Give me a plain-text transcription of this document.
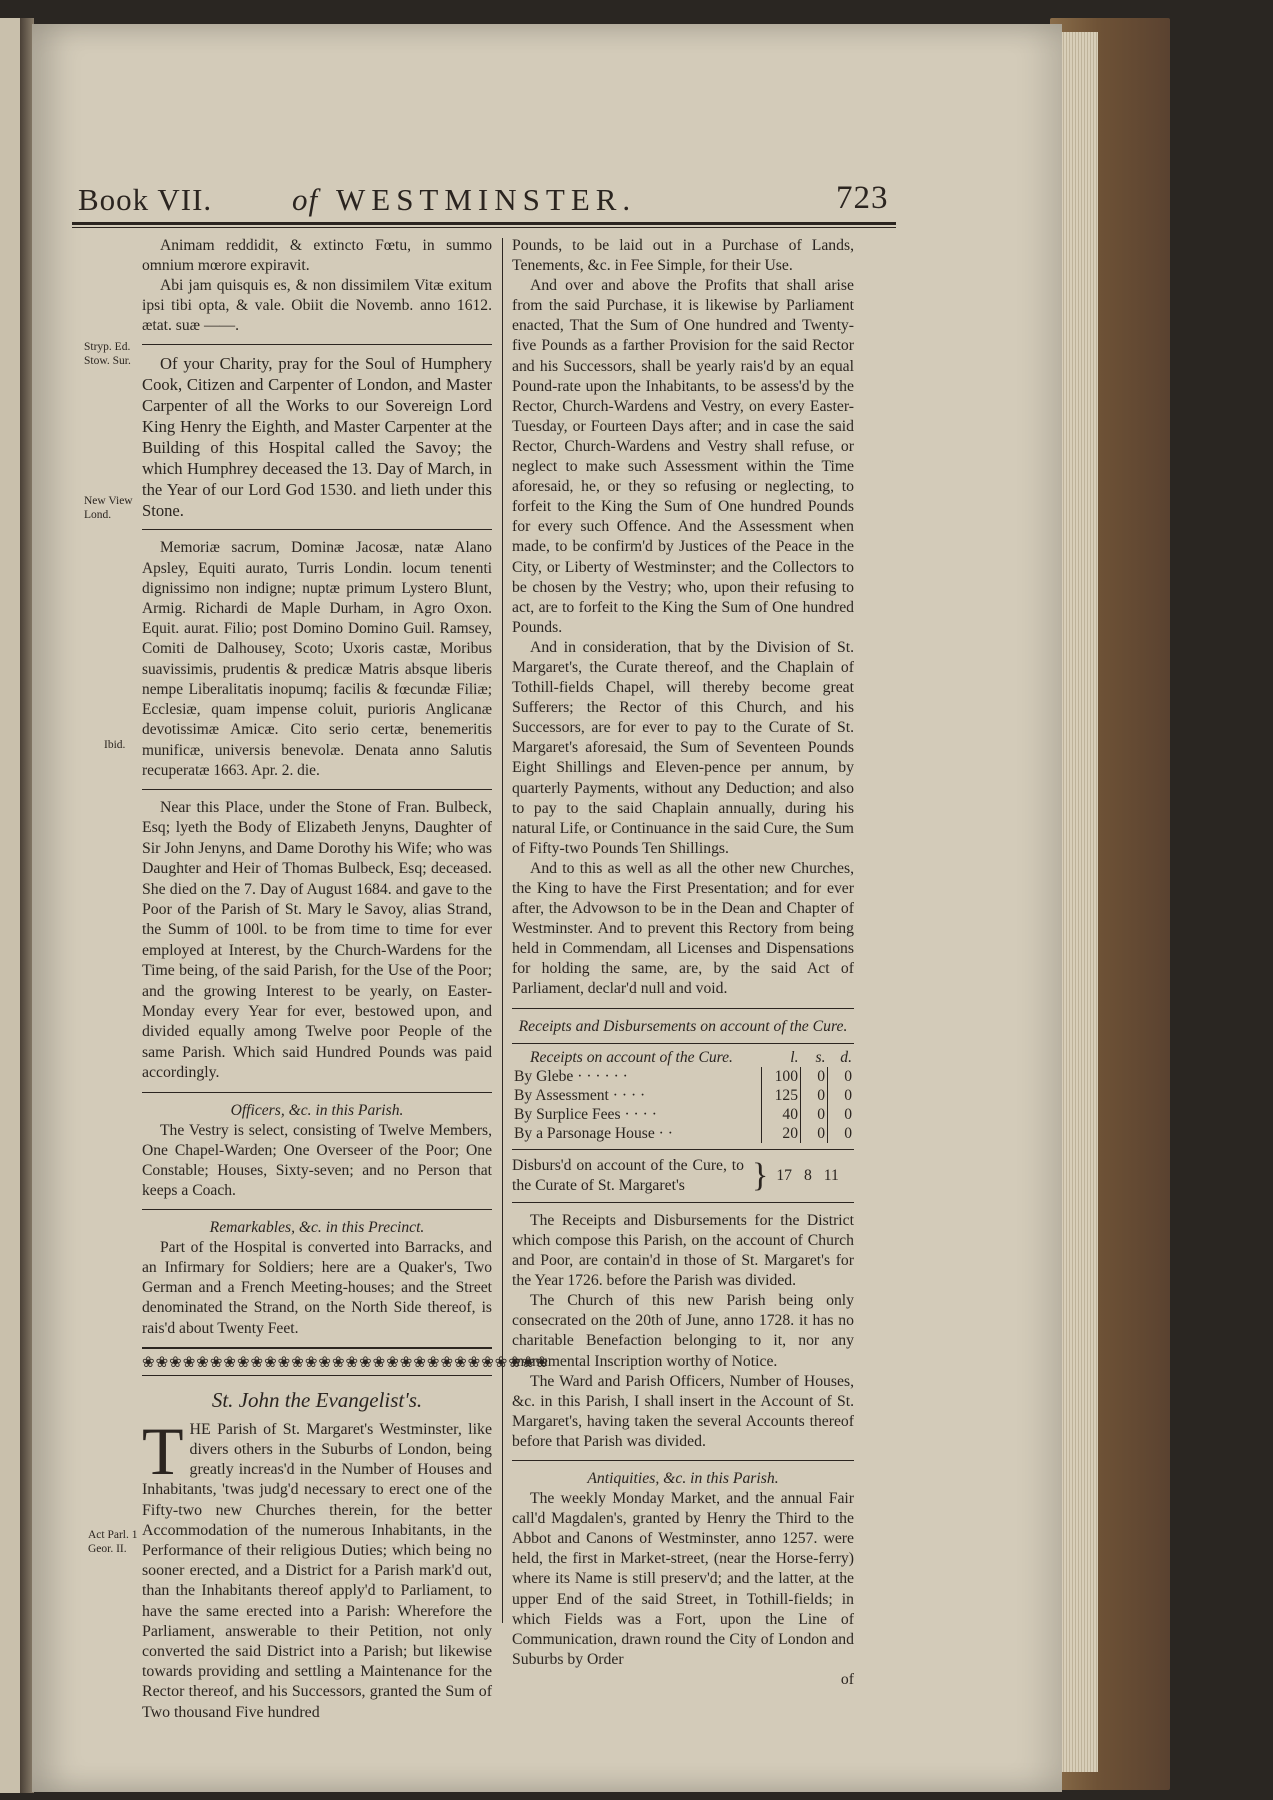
Book VII.	of WESTMINSTER.	723
Stryp. Ed. Stow. Sur.
New View Lond.
Ibid.
Act Parl. 1 Geor. II.

Animam reddidit, & extincto Fœtu, in summo omnium mœrore expiravit.

Abi jam quisquis es, & non dissimilem Vitæ exitum ipsi tibi opta, & vale. Obiit die Novemb. anno 1612. ætat. suæ ——.

Of your Charity, pray for the Soul of Humphery Cook, Citizen and Carpenter of London, and Master Carpenter of all the Works to our Sovereign Lord King Henry the Eighth, and Master Carpenter at the Building of this Hospital called the Savoy; the which Humphrey deceased the 13. Day of March, in the Year of our Lord God 1530. and lieth under this Stone.

Memoriæ sacrum, Dominæ Jacosæ, natæ Alano Apsley, Equiti aurato, Turris Londin. locum tenenti dignissimo non indigne; nuptæ primum Lystero Blunt, Armig. Richardi de Maple Durham, in Agro Oxon. Equit. aurat. Filio; post Domino Domino Guil. Ramsey, Comiti de Dalhousey, Scoto; Uxoris castæ, Moribus suavissimis, prudentis & predicæ Matris absque liberis nempe Liberalitatis inopumq; facilis & fœcundæ Filiæ; Ecclesiæ, quam impense coluit, purioris Anglicanæ devotissimæ Amicæ. Cito serio certæ, benemeritis munificæ, universis benevolæ. Denata anno Salutis recuperatæ 1663. Apr. 2. die.

Near this Place, under the Stone of Fran. Bulbeck, Esq; lyeth the Body of Elizabeth Jenyns, Daughter of Sir John Jenyns, and Dame Dorothy his Wife; who was Daughter and Heir of Thomas Bulbeck, Esq; deceased. She died on the 7. Day of August 1684. and gave to the Poor of the Parish of St. Mary le Savoy, alias Strand, the Summ of 100l. to be from time to time for ever employed at Interest, by the Church-Wardens for the Time being, of the said Parish, for the Use of the Poor; and the growing Interest to be yearly, on Easter-Monday every Year for ever, bestowed upon, and divided equally among Twelve poor People of the same Parish. Which said Hundred Pounds was paid accordingly.

Officers, &c. in this Parish.

The Vestry is select, consisting of Twelve Members, One Chapel-Warden; One Overseer of the Poor; One Constable; Houses, Sixty-seven; and no Person that keeps a Coach.

Remarkables, &c. in this Precinct.

Part of the Hospital is converted into Barracks, and an Infirmary for Soldiers; here are a Quaker's, Two German and a French Meeting-houses; and the Street denominated the Strand, on the North Side thereof, is rais'd about Twenty Feet.

❀❀❀❀❀❀❀❀❀❀❀❀❀❀❀❀❀❀❀❀❀❀❀❀❀❀❀❀❀❀

St. John the Evangelist's.

THE Parish of St. Margaret's Westminster, like divers others in the Suburbs of London, being greatly increas'd in the Number of Houses and Inhabitants, 'twas judg'd necessary to erect one of the Fifty-two new Churches therein, for the better Accommodation of the numerous Inhabitants, in the Performance of their religious Duties; which being no sooner erected, and a District for a Parish mark'd out, than the Inhabitants thereof apply'd to Parliament, to have the same erected into a Parish: Wherefore the Parliament, answerable to their Petition, not only converted the said District into a Parish; but likewise towards providing and settling a Maintenance for the Rector thereof, and his Successors, granted the Sum of Two thousand Five hundred

Pounds, to be laid out in a Purchase of Lands, Tenements, &c. in Fee Simple, for their Use.

And over and above the Profits that shall arise from the said Purchase, it is likewise by Parliament enacted, That the Sum of One hundred and Twenty-five Pounds as a farther Provision for the said Rector and his Successors, shall be yearly rais'd by an equal Pound-rate upon the Inhabitants, to be assess'd by the Rector, Church-Wardens and Vestry, on every Easter-Tuesday, or Fourteen Days after; and in case the said Rector, Church-Wardens and Vestry shall refuse, or neglect to make such Assessment within the Time aforesaid, he, or they so refusing or neglecting, to forfeit to the King the Sum of One hundred Pounds for every such Offence. And the Assessment when made, to be confirm'd by Justices of the Peace in the City, or Liberty of Westminster; and the Collectors to be chosen by the Vestry; who, upon their refusing to act, are to forfeit to the King the Sum of One hundred Pounds.

And in consideration, that by the Division of St. Margaret's, the Curate thereof, and the Chaplain of Tothill-fields Chapel, will thereby become great Sufferers; the Rector of this Church, and his Successors, are for ever to pay to the Curate of St. Margaret's aforesaid, the Sum of Seventeen Pounds Eight Shillings and Eleven-pence per annum, by quarterly Payments, without any Deduction; and also to pay to the said Chaplain annually, during his natural Life, or Continuance in the said Cure, the Sum of Fifty-two Pounds Ten Shillings.

And to this as well as all the other new Churches, the King to have the First Presentation; and for ever after, the Advowson to be in the Dean and Chapter of Westminster. And to prevent this Rectory from being held in Commendam, all Licenses and Dispensations for holding the same, are, by the said Act of Parliament, declar'd null and void.

Receipts and Disbursements on account of the Cure.

Receipts on account of the Cure.	l.	s.	d.
By Glebe · · · · · ·	100	0	0
By Assessment · · · ·	125	0	0
By Surplice Fees · · · ·	40	0	0
By a Parsonage House · ·	20	0	0
Disburs'd on account of the Cure, to the Curate of St. Margaret's	} 17 8 11

The Receipts and Disbursements for the District which compose this Parish, on the account of Church and Poor, are contain'd in those of St. Margaret's for the Year 1726. before the Parish was divided.

The Church of this new Parish being only consecrated on the 20th of June, anno 1728. it has no charitable Benefaction belonging to it, nor any monumental Inscription worthy of Notice.

The Ward and Parish Officers, Number of Houses, &c. in this Parish, I shall insert in the Account of St. Margaret's, having taken the several Accounts thereof before that Parish was divided.

Antiquities, &c. in this Parish.

The weekly Monday Market, and the annual Fair call'd Magdalen's, granted by Henry the Third to the Abbot and Canons of Westminster, anno 1257. were held, the first in Market-street, (near the Horse-ferry) where its Name is still preserv'd; and the latter, at the upper End of the said Street, in Tothill-fields; in which Fields was a Fort, upon the Line of Communication, drawn round the City of London and Suburbs by Order

of
